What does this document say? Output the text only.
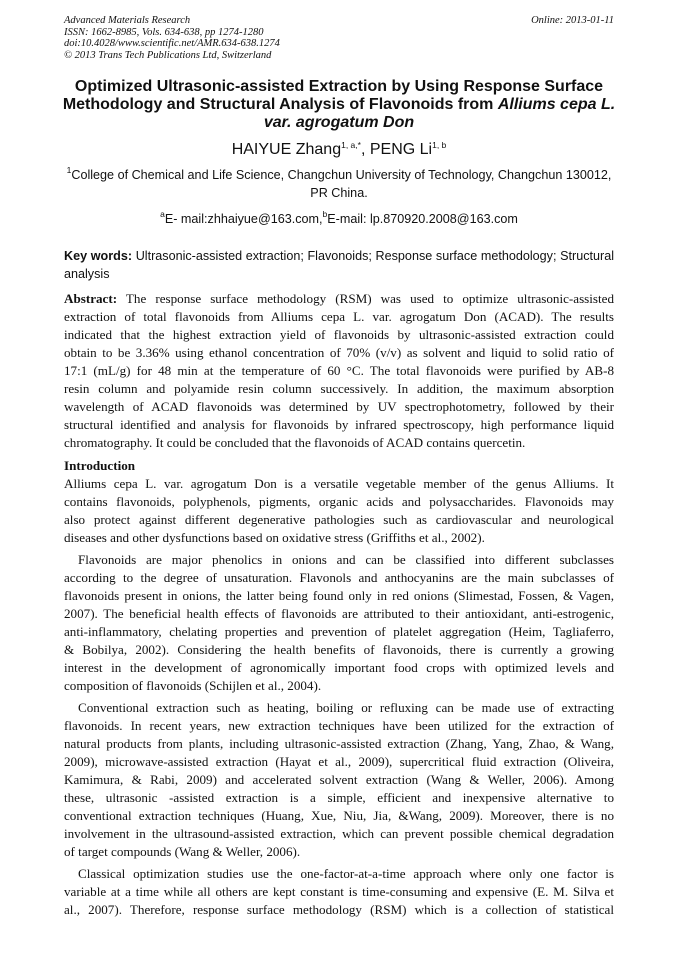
Advanced Materials Research
ISSN: 1662-8985, Vols. 634-638, pp 1274-1280
doi:10.4028/www.scientific.net/AMR.634-638.1274
© 2013 Trans Tech Publications Ltd, Switzerland
Online: 2013-01-11
Optimized Ultrasonic-assisted Extraction by Using Response Surface
Methodology and Structural Analysis of Flavonoids from Alliums cepa L.
var. agrogatum Don
HAIYUE Zhang$^{1, a,*}$, PENG Li$^{1, b}$
$^1$College of Chemical and Life Science, Changchun University of Technology, Changchun 130012,
PR China.
$^a$E- mail:zhhaiyue@163.com,$^b$E-mail: lp.870920.2008@163.com
Key words: Ultrasonic-assisted extraction; Flavonoids; Response surface methodology; Structural
analysis
Abstract: The response surface methodology (RSM) was used to optimize ultrasonic-assisted
extraction of total flavonoids from Alliums cepa L. var. agrogatum Don (ACAD). The results
indicated that the highest extraction yield of flavonoids by ultrasonic-assisted extraction could
obtain to be 3.36% using ethanol concentration of 70% (v/v) as solvent and liquid to solid ratio of
17:1 (mL/g) for 48 min at the temperature of 60 °C. The total flavonoids were purified by AB-8
resin column and polyamide resin column successively. In addition, the maximum absorption
wavelength of ACAD flavonoids was determined by UV spectrophotometry, followed by their
structural identified and analysis for flavonoids by infrared spectroscopy, high performance liquid
chromatography. It could be concluded that the flavonoids of ACAD contains quercetin.
Introduction
Alliums cepa L. var. agrogatum Don is a versatile vegetable member of the genus Alliums. It
contains flavonoids, polyphenols, pigments, organic acids and polysaccharides. Flavonoids may
also protect against different degenerative pathologies such as cardiovascular and neurological
diseases and other dysfunctions based on oxidative stress (Griffiths et al., 2002).
Flavonoids are major phenolics in onions and can be classified into different subclasses
according to the degree of unsaturation. Flavonols and anthocyanins are the main subclasses of
flavonoids present in onions, the latter being found only in red onions (Slimestad, Fossen, & Vagen,
2007). The beneficial health effects of flavonoids are attributed to their antioxidant, anti-estrogenic,
anti-inflammatory, chelating properties and prevention of platelet aggregation (Heim, Tagliaferro,
& Bobilya, 2002). Considering the health benefits of flavonoids, there is currently a growing
interest in the development of agronomically important food crops with optimized levels and
composition of flavonoids (Schijlen et al., 2004).
Conventional extraction such as heating, boiling or refluxing can be made use of extracting
flavonoids. In recent years, new extraction techniques have been utilized for the extraction of
natural products from plants, including ultrasonic-assisted extraction (Zhang, Yang, Zhao, & Wang,
2009), microwave-assisted extraction (Hayat et al., 2009), supercritical fluid extraction (Oliveira,
Kamimura, & Rabi, 2009) and accelerated solvent extraction (Wang & Weller, 2006). Among
these, ultrasonic -assisted extraction is a simple, efficient and inexpensive alternative to
conventional extraction techniques (Huang, Xue, Niu, Jia, &Wang, 2009). Moreover, there is no
involvement in the ultrasound-assisted extraction, which can prevent possible chemical degradation
of target compounds (Wang & Weller, 2006).
Classical optimization studies use the one-factor-at-a-time approach where only one factor is
variable at a time while all others are kept constant is time-consuming and expensive (E. M. Silva et
al., 2007). Therefore, response surface methodology (RSM) which is a collection of statistical
